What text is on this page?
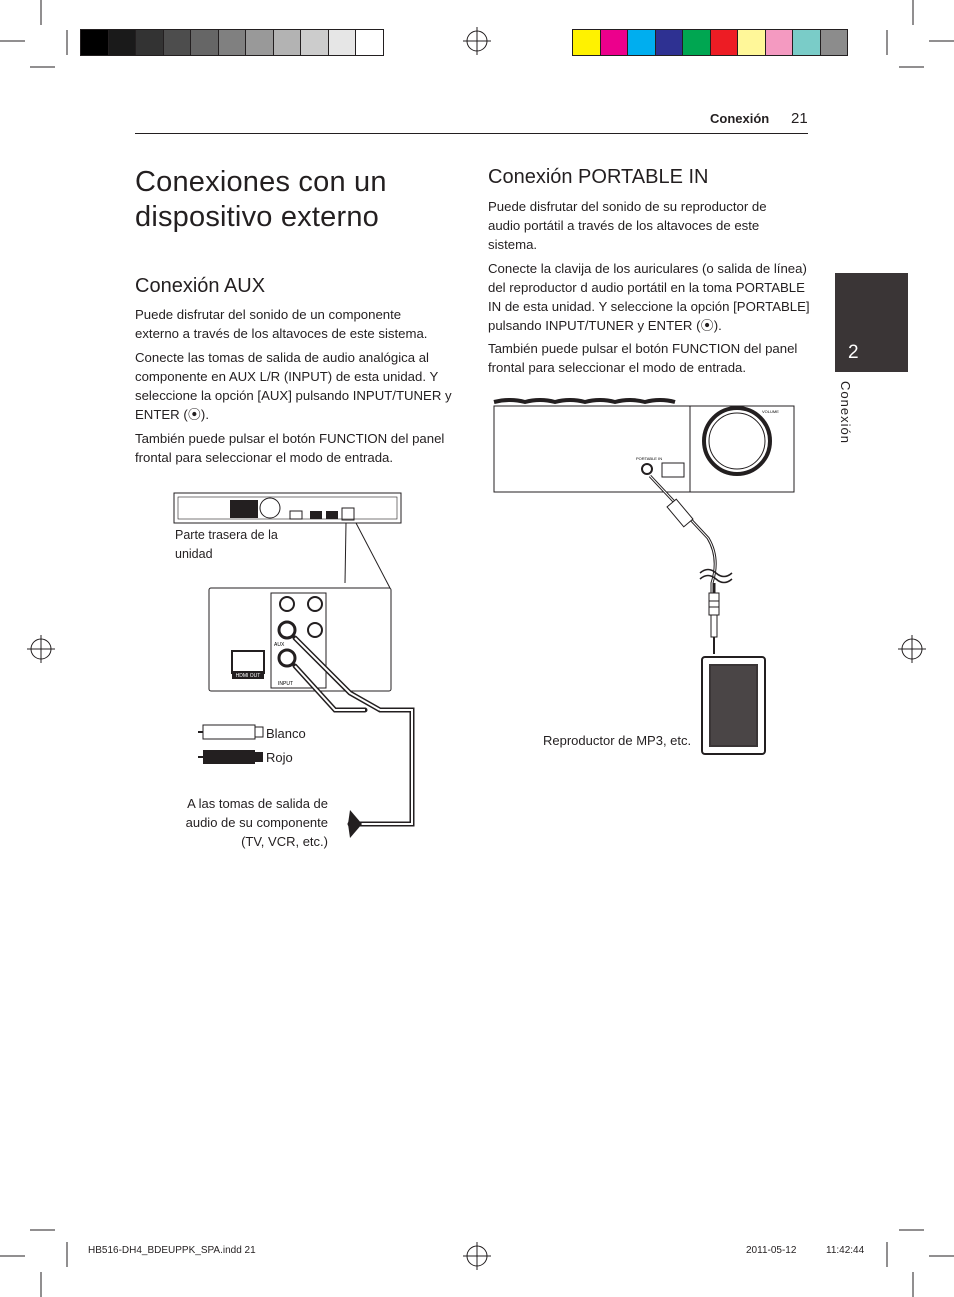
Conexión 21
Conexiones con un dispositivo externo
Conexión AUX

Puede disfrutar del sonido de un componente externo a través de los altavoces de este sistema.

Conecte las tomas de salida de audio analógica al componente en AUX L/R (INPUT) de esta unidad. Y seleccione la opción [AUX] pulsando INPUT/TUNER y ENTER (⦿).

También puede pulsar el botón FUNCTION del panel frontal para seleccionar el modo de entrada.

Conexión PORTABLE IN

Puede disfrutar del sonido de su reproductor de audio portátil a través de los altavoces de este sistema.

Conecte la clavija de los auriculares (o salida de línea) del reproductor d audio portátil en la toma PORTABLE IN de esta unidad. Y seleccione la opción [PORTABLE] pulsando INPUT/TUNER y ENTER (⦿).

También puede pulsar el botón FUNCTION del panel frontal para seleccionar el modo de entrada.

2
Conexión
HDMI OUT
AUX
INPUT
Parte trasera de la unidad
Blanco
Rojo
A las tomas de salida de audio de su componente (TV, VCR, etc.)
VOLUME
PORTABLE IN
Reproductor de MP3, etc.
HB516-DH4_BDEUPPK_SPA.indd 21	2011-05-12	11:42:44
